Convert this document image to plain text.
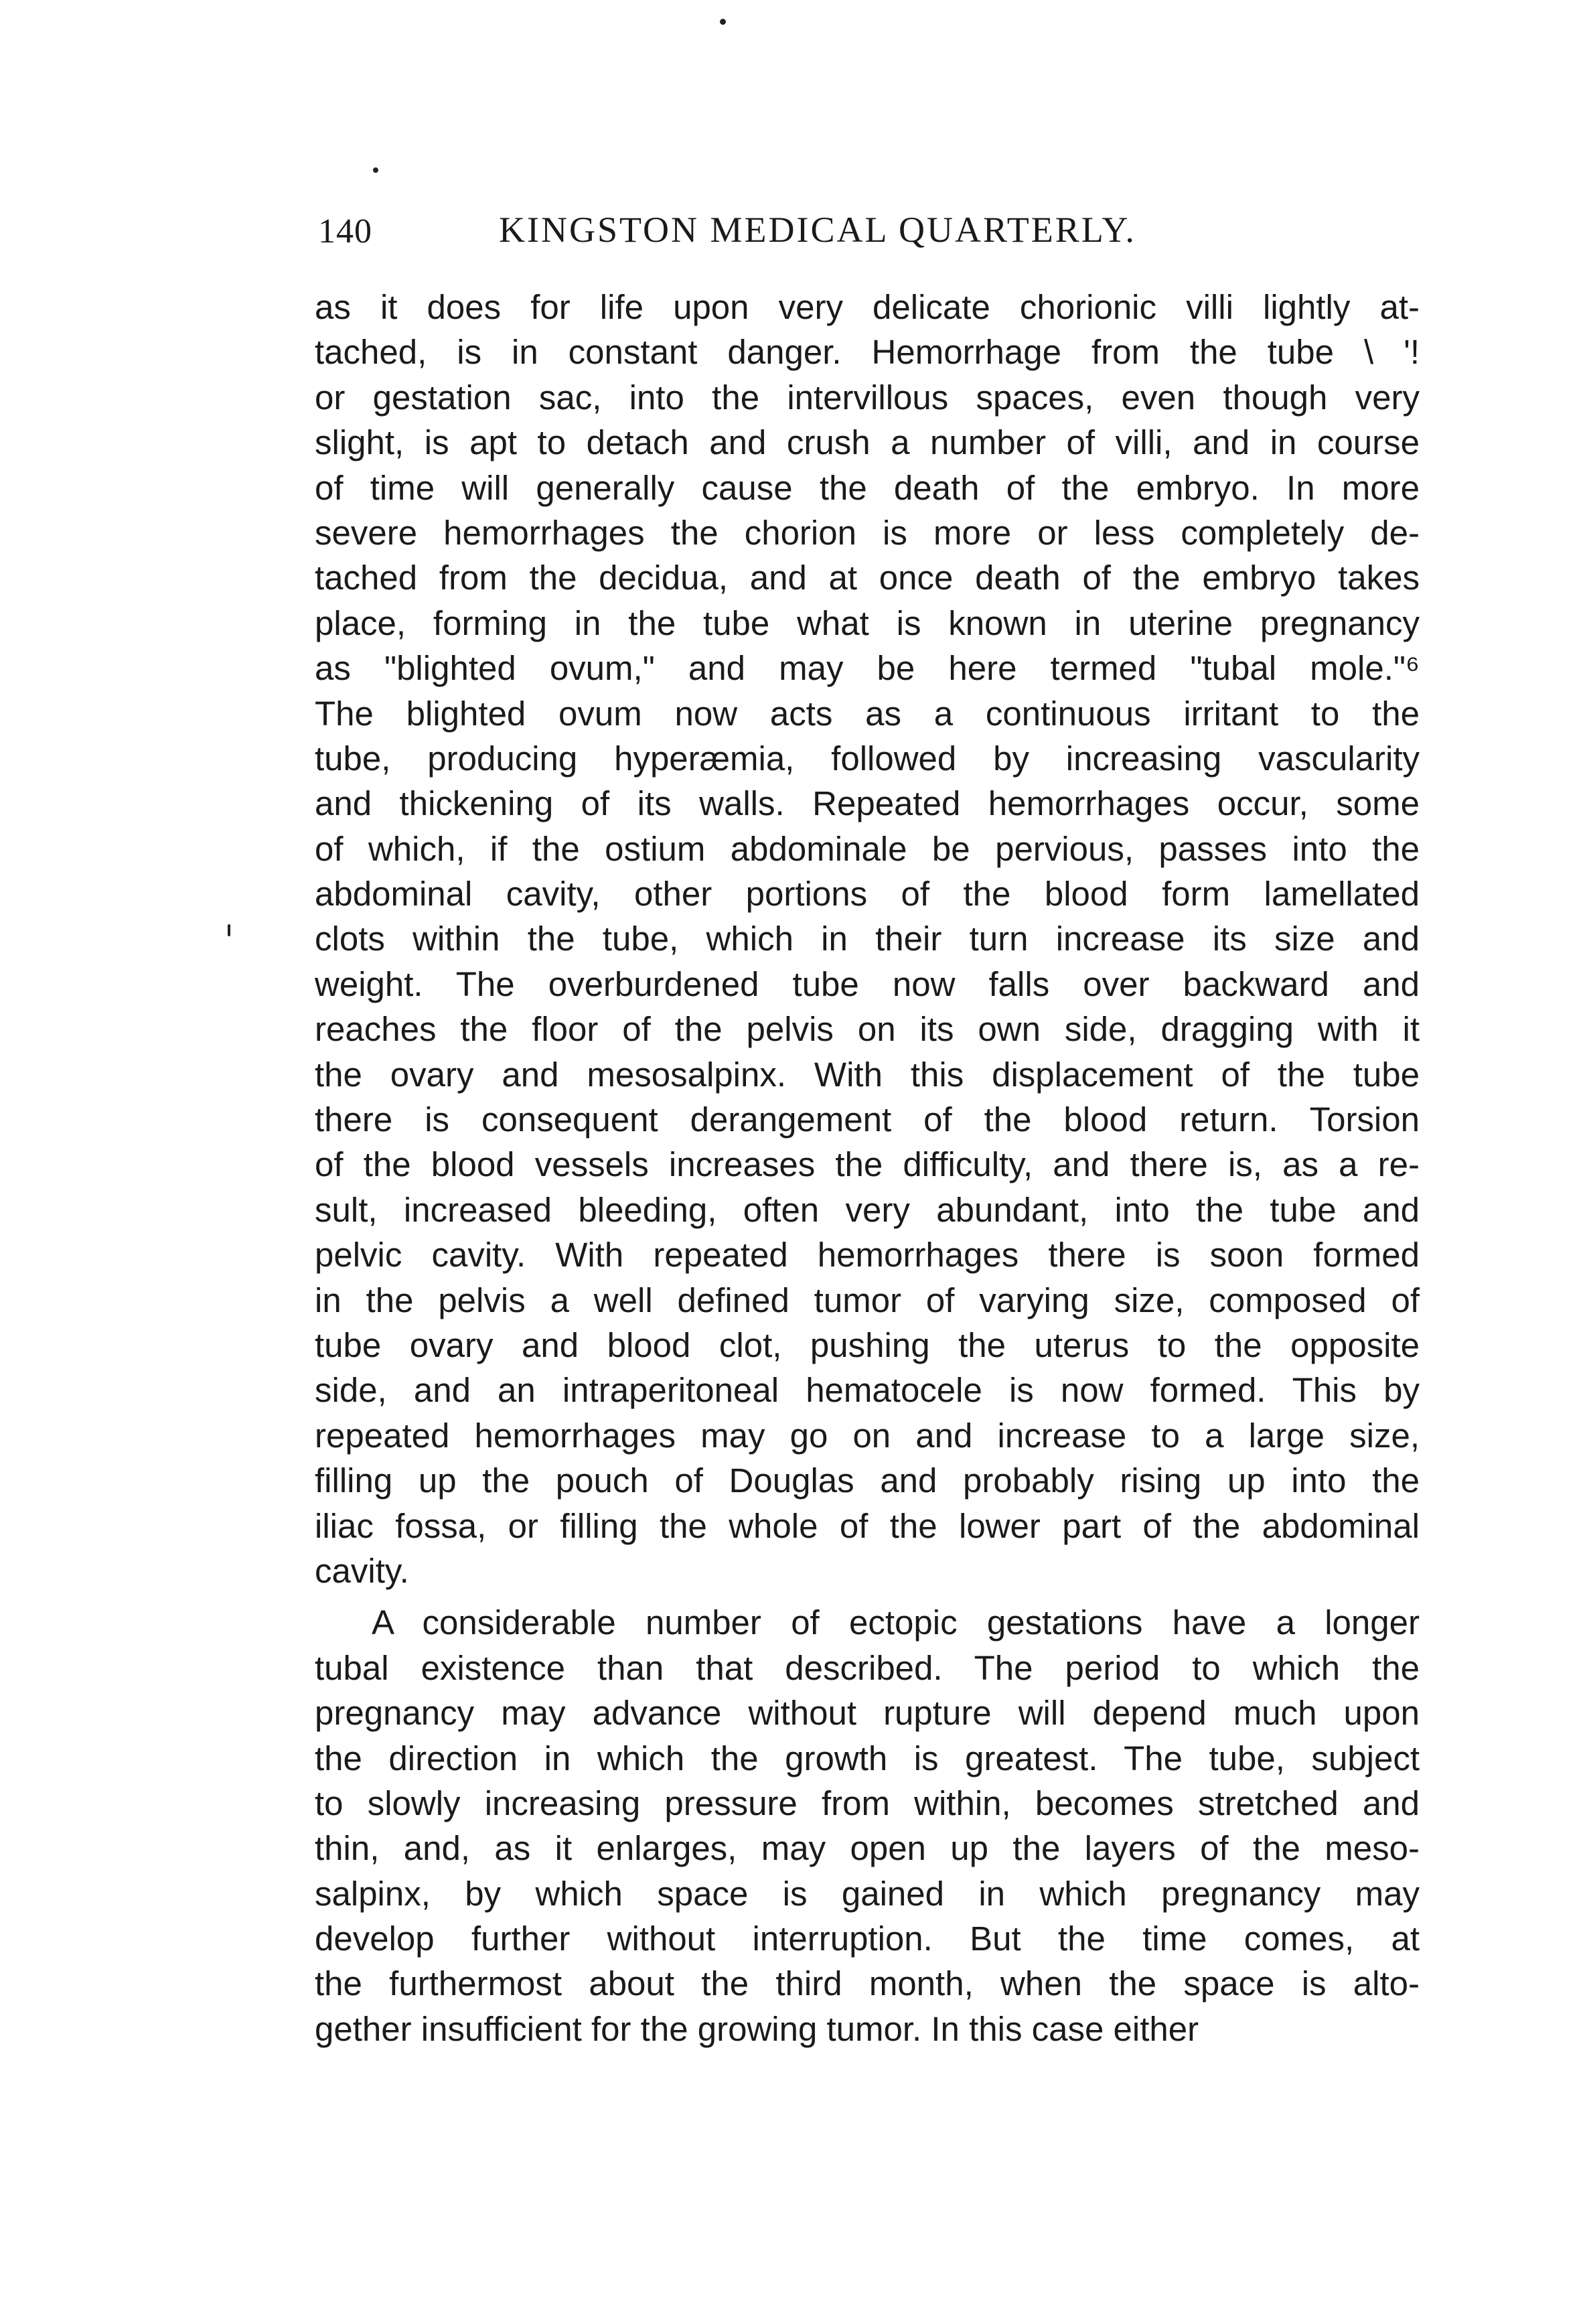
140	KINGSTON MEDICAL QUARTERLY.
as it does for life upon very delicate chorionic villi lightly at-
tached, is in constant danger. Hemorrhage from the tube \ '!
or gestation sac, into the intervillous spaces, even though very
slight, is apt to detach and crush a number of villi, and in course
of time will generally cause the death of the embryo. In more
severe hemorrhages the chorion is more or less completely de-
tached from the decidua, and at once death of the embryo takes
place, forming in the tube what is known in uterine pregnancy
as "blighted ovum," and may be here termed "tubal mole."⁶
The blighted ovum now acts as a continuous irritant to the
tube, producing hyperæmia, followed by increasing vascularity
and thickening of its walls. Repeated hemorrhages occur, some
of which, if the ostium abdominale be pervious, passes into the
abdominal cavity, other portions of the blood form lamellated
clots within the tube, which in their turn increase its size and
weight. The overburdened tube now falls over backward and
reaches the floor of the pelvis on its own side, dragging with it
the ovary and mesosalpinx. With this displacement of the tube
there is consequent derangement of the blood return. Torsion
of the blood vessels increases the difficulty, and there is, as a re-
sult, increased bleeding, often very abundant, into the tube and
pelvic cavity. With repeated hemorrhages there is soon formed
in the pelvis a well defined tumor of varying size, composed of
tube ovary and blood clot, pushing the uterus to the opposite
side, and an intraperitoneal hematocele is now formed. This by
repeated hemorrhages may go on and increase to a large size,
filling up the pouch of Douglas and probably rising up into the
iliac fossa, or filling the whole of the lower part of the abdominal
cavity.
A considerable number of ectopic gestations have a longer
tubal existence than that described. The period to which the
pregnancy may advance without rupture will depend much upon
the direction in which the growth is greatest. The tube, subject
to slowly increasing pressure from within, becomes stretched and
thin, and, as it enlarges, may open up the layers of the meso-
salpinx, by which space is gained in which pregnancy may
develop further without interruption. But the time comes, at
the furthermost about the third month, when the space is alto-
gether insufficient for the growing tumor. In this case either
